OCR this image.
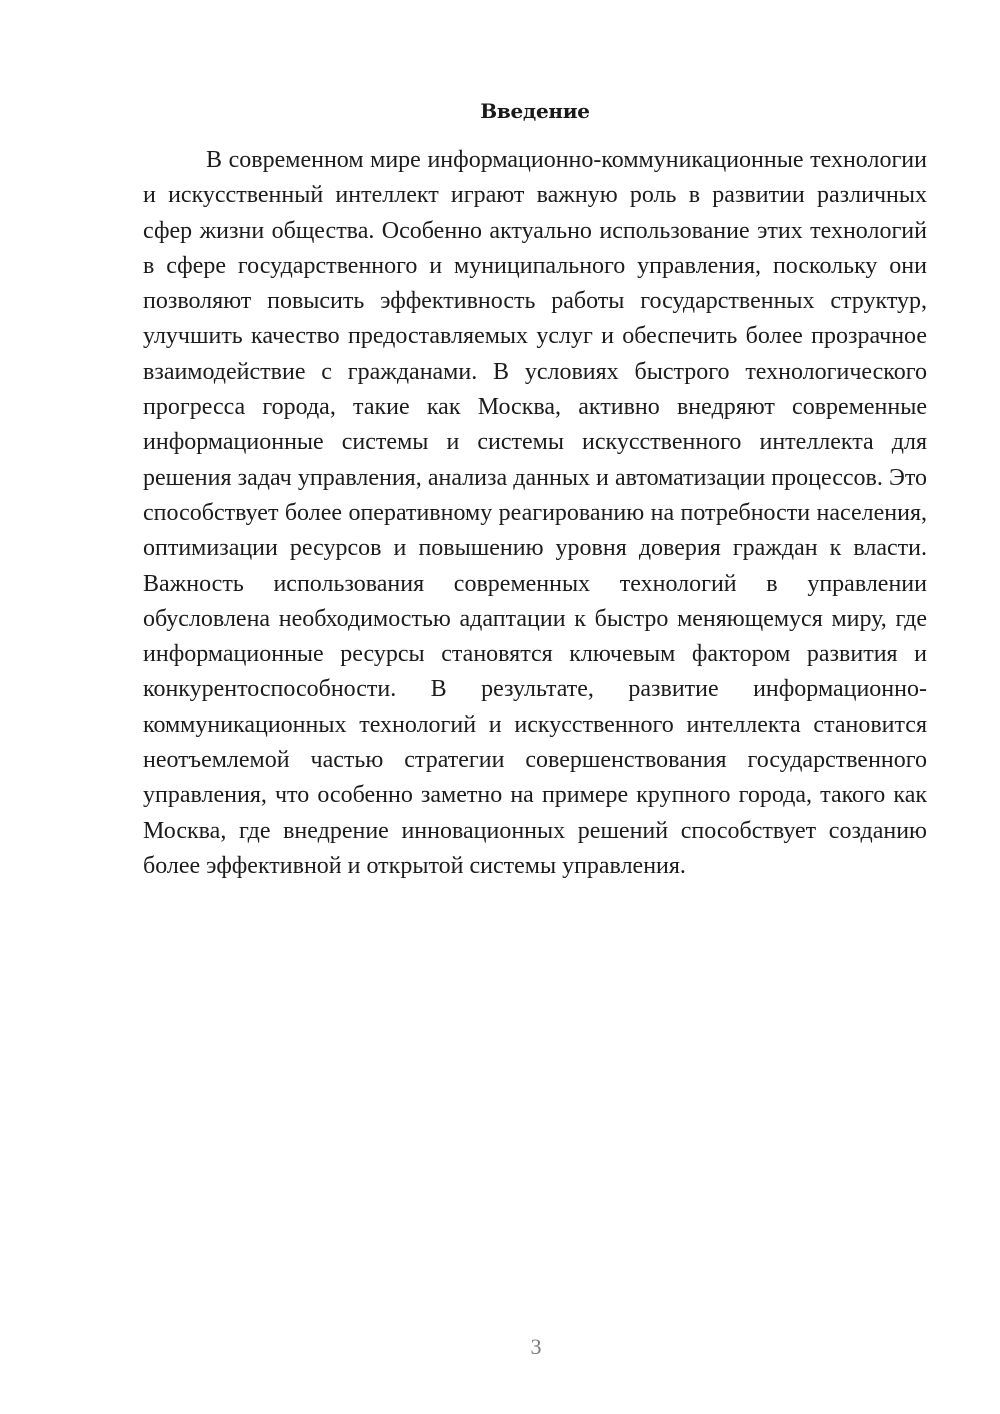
Введение

В современном мире информационно-коммуникационные технологии и искусственный интеллект играют важную роль в развитии различных сфер жизни общества. Особенно актуально использование этих технологий в сфере государственного и муниципального управления, поскольку они позволяют повысить эффективность работы государственных структур, улучшить качество предоставляемых услуг и обеспечить более прозрачное взаимодействие с гражданами. В условиях быстрого технологического прогресса города, такие как Москва, активно внедряют современные информационные системы и системы искусственного интеллекта для решения задач управления, анализа данных и автоматизации процессов. Это способствует более оперативному реагированию на потребности населения, оптимизации ресурсов и повышению уровня доверия граждан к власти. Важность использования современных технологий в управлении обусловлена необходимостью адаптации к быстро меняющемуся миру, где информационные ресурсы становятся ключевым фактором развития и конкурентоспособности. В результате, развитие информационно-коммуникационных технологий и искусственного интеллекта становится неотъемлемой частью стратегии совершенствования государственного управления, что особенно заметно на примере крупного города, такого как Москва, где внедрение инновационных решений способствует созданию более эффективной и открытой системы управления.

3
